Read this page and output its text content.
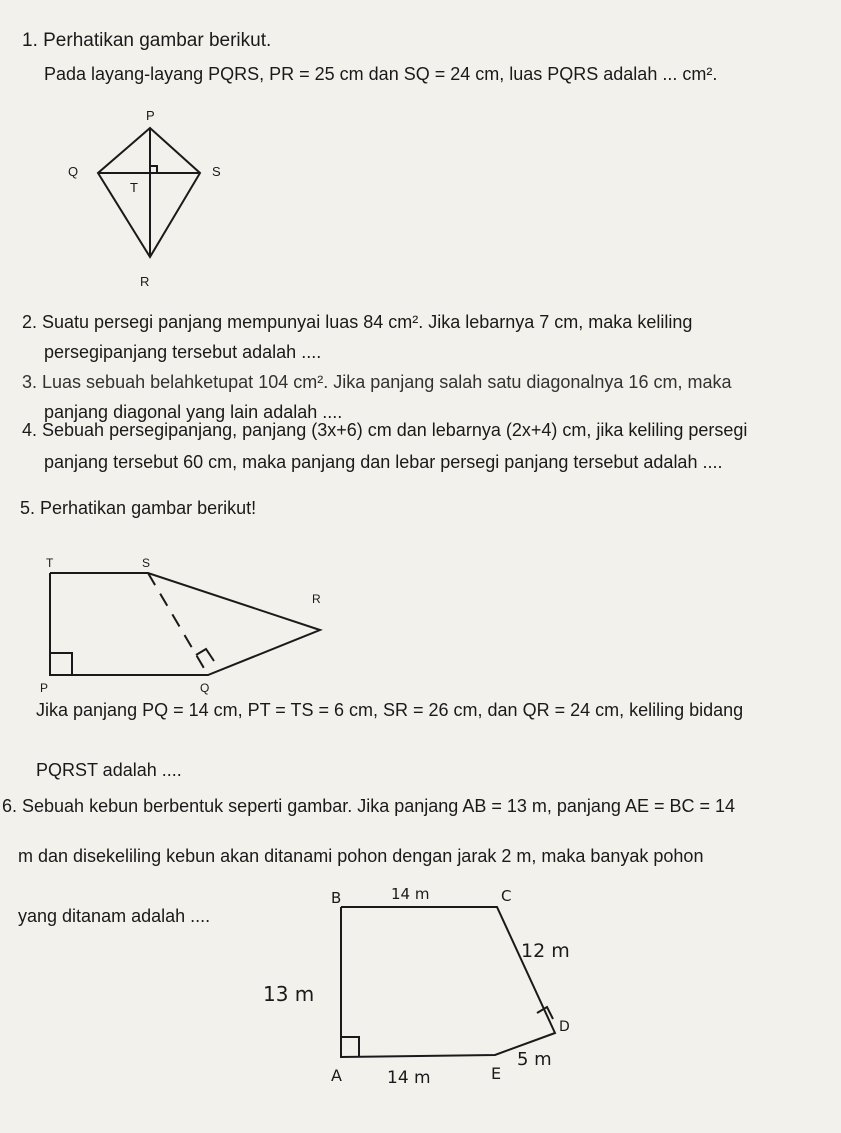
1. Perhatikan gambar berikut.
Pada layang-layang PQRS, PR = 25 cm dan SQ = 24 cm, luas PQRS adalah ... cm².
P
Q	S
T
R
2. Suatu persegi panjang mempunyai luas 84 cm². Jika lebarnya 7 cm, maka keliling
persegipanjang tersebut adalah ....
3. Luas sebuah belahketupat 104 cm². Jika panjang salah satu diagonalnya 16 cm, maka
panjang diagonal yang lain adalah ....
4. Sebuah persegipanjang, panjang (3x+6) cm dan lebarnya (2x+4) cm, jika keliling persegi
panjang tersebut 60 cm, maka panjang dan lebar persegi panjang tersebut adalah ....
5. Perhatikan gambar berikut!
T	S
R
P	Q
Jika panjang PQ = 14 cm, PT = TS = 6 cm, SR = 26 cm, dan QR = 24 cm, keliling bidang
PQRST adalah ....
6. Sebuah kebun berbentuk seperti gambar. Jika panjang AB = 13 m, panjang AE = BC = 14
m dan disekeliling kebun akan ditanami pohon dengan jarak 2 m, maka banyak pohon
yang ditanam adalah ....
B	14 m	C
12 m
13 m
D
A	14 m	E
5 m
